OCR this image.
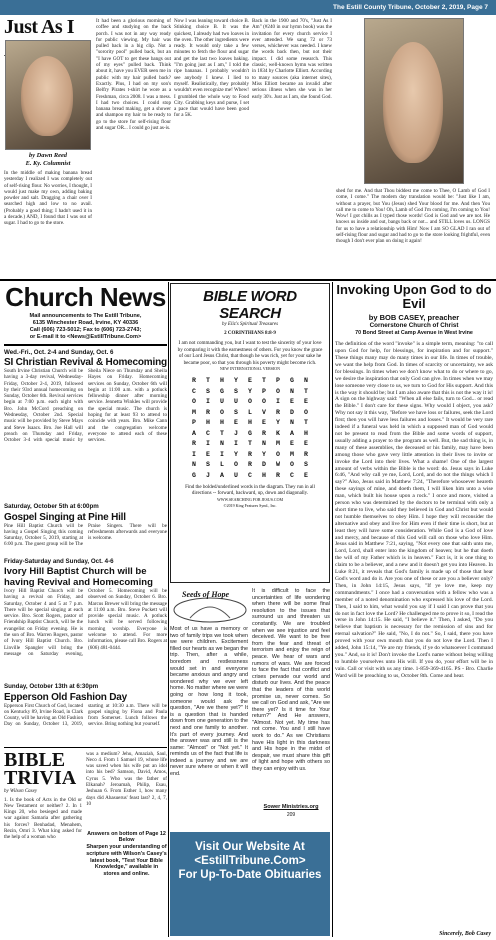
The Estill County Tribune, October 2, 2019, Page 7
Just As I
by Dawn Reed
E. Ky. Columnist
In the middle of making banana bread yesterday I realized I was completely out of self-rising flour. No worries, I thought, I would just make my own, adding baking powder and salt. Dragging a chair over I searched high and low to no avail. (Probably a good thing; I hadn't used it in a decade.) AND, I found that I was out of sugar. I had to go to the store.
It had been a glorious morning of coffee and studying on the back porch. I was not in any way ready for public viewing. My hair was pulled back in a big clip. Not a "sorority pool" pulled back, but an "I have GOT to get these bangs out of my eyes" pulled back. Think about it, have you EVER seen me in public with my hair pulled back? Exactly. Plus, I had on my son's Belfry Pirates t-shirt he wore as a Freshman, circa 2008. I was a mess. I had two choices. I could stop banana bread making, get a shower and shampoo my hair to be ready to go to the store for self-rising flour and sugar OR... I could go just as-is.
Now I was leaning toward choice B. Stinking choice B. It was the quickest, I already had two loaves in the oven. The other ingredients were ready. It would only take a few minutes to fetch the flour and sugar and get the last two loaves baking. "I'm going just as I am," I told the ripe bananas. I probably wouldn't see anybody I knew. I lied to myself. Realistically, they probably wouldn't even recognize me! Whew! I grumbled the whole way to Food City. Grabbing keys and purse, I set a pace that would have been good for a 5K.
Back in the 1900 and 70's, "Just As I Am" (#240 in our hymn book) was the invitation for every church service I ever attended. We sang 72 or 73 verses, whichever was needed. I knew the words back then, but not their impact. I did some research. This classic, well-known hymn was written in 1834 by Charlotte Elliott. According to many sources (aka internet sites), Miss Elliott became an invalid after serious illness when she was in her early 30's. Just as I am, she found God.
shed for me. And that Thou biddest me come to Thee, O Lamb of God I come, I come." The modern day translation would be: "Just like I am, without a prayer, but You (Jesus) shed Your blood for me. And then You call me to come to You! Oh, Lamb of God I'm coming, I'm coming to You! Wow! I got chills as I typed those words! God is God and we are not. He knows us inside and out, bangs back or not... and STILL loves us. LONGS for us to have a relationship with Him! Now I am SO GLAD I ran out of self-rising flour and sugar and had to go to the store looking frightful, even though I don't ever plan on doing it again!
Church News
Mail announcements to The Estill Tribune,
6135 Winchester Road, Irvine, KY 40336
Call (606) 723-5012; Fax to (606) 723-2743;
or E-mail it to <News@EstillTribune.Com>
Wed.-Fri., Oct. 2-4 and Sunday, Oct. 6
SI Christian Revival & Homecoming
South Irvine Christian Church will be having a 3-day revival, Wednesday-Friday, October 2-4, 2019, followed by their 93rd annual homecoming on Sunday, October 6th. Revival services begin at 7:00 p.m. each night with Bro. John McCord preaching on Wednesday, October 2nd. Special music will be provided by Steve Mays and Steve Isaacs. Bro. Joe Hall will preach on Thursday and Friday, October 3-4 with special music by Sheila Niece on Thursday and Sheila Hayes on Friday. Homecoming services on Sunday, October 6th will begin at 11:00 a.m. with a potluck fellowship dinner after morning service. Jennetta Winkles will provide the special music. The church is hoping for at least 93 to attend to coincide with years. Bro. Mike Cann and the congregation welcome everyone to attend each of these services.
Saturday, October 5th at 6:00pm
Gospel Singing at Pine Hill
Pine Hill Baptist Church will be having a Gospel Singing this coming Saturday, October 5, 2019, starting at 6:00 p.m. The guest group will be The Praise Singers. There will be refreshments afterwards and everyone is welcome.
Friday-Saturday and Sunday, Oct. 4-6
Ivory Hill Baptist Church will be having Revival and Homecoming
Ivory Hill Baptist Church will be having a revival on Friday, and Saturday, October 4 and 5 at 7 p.m. There will be special singing at each service. Bro. Scott Rogers, pastor of Friendship Baptist Church, will be the evangelist on Friday evening. He is the son of Bro. Warren Rogers, pastor of Ivory Hill Baptist Church. Bro. Linville Spangler will bring the message on Saturday evening, October 5. Homecoming will be observed on Sunday, October 6. Bro. Marcus Brewer will bring the message at 11:00 a.m. Bro. Steve Puckett will provide special music. A potluck lunch will be served following morning worship. Everyone is welcome to attend. For more information, please call Bro. Rogers at (606) 481-0444.
Sunday, October 13th at 6:30pm
Epperson Old Fashion Day
Epperson First Church of God, located on Kentucky 89, Irvine Road, in Clark County, will be having an Old Fashion Day on Sunday, October 13, 2019, starting at 10:30 a.m. There will be gospel singing by Fiona and Paula from Somerset. Lunch follows the service. Bring nothing but yourself.
BIBLE TRIVIA
by Wilson Casey
1. Is the book of Acts in the Old or New Testament or neither? 2. In 1 Kings 20, who besieged and made war against Samaria after gathering his forces? Benhadad, Menahem, Rezin, Omri 3. What king asked for the help of a woman who
was a medium? Jehu, Amaziah, Saul, Neco 4. From 1 Samuel 19, whose life was saved when his wife put an idol into his bed? Samson, David, Amos, Cyrus 5. Who was the father of Elkanah? Jeroamah, Philip, Esau, Jeshuan 6. From Esther 1, how many days did Ahasuerus' feast last? 2, 4, 7, 10
Answers on bottom of Page 12 Below
Sharpen your understanding of scripture with Wilson's Casey's latest book, "Test Your Bible Knowledge," available in stores and online.
BIBLE WORD SEARCH
by Eliz's Spiritual Treasures
2 CORINTHIANS 8:8-9
I am not commanding you, but I want to test the sincerity of your love by comparing it with the earnestness of others. For you know the grace of our Lord Jesus Christ, that though he was rich, yet for your sake he became poor, so that you through his poverty might become rich.
NEW INTERNATIONAL VERSION
R	T	H	Y	E	T	P	G	N
C	S	G	S	Y	P	O	N	T
O	I	U	U	O	O	I	E	E
M	R	O	S	L	V	R	D	O
P	H	H	E	H	E	Y	N	T
A	C	T	J	G	R	K	A	H
R	I	N	I	T	N	M	E	E
I	E	I	Y	R	Y	O	M	R
N	S	L	O	R	D	W	O	S
G	J	A	U	C	H	R	C	E
Find the bolded/underlined words in the diagram. They run in all directions -- forward, backward, up, down and diagonally.
WWW.SEARCHING FOR JESUS.COM
©2019 King Features Synd., Inc.
Seeds of Hope
Most of us have a memory or two of family trips we took when we were children. Excitement filled our hearts as we began the trip. Then, after a while, boredom and restlessness would set in and everyone became anxious and angry and wondered why we ever left home. No matter where we were going or how long it took, someone would ask the question, "Are we there yet?" It is a question that is handed down from one generation to the next and one family to another. It's part of every journey. And the answer was and still is the same: "Almost" or "Not yet." It reminds us of the fact that life is indeed a journey and we are never sure where or when it will end.
It is difficult to face the uncertainties of life wondering when there will be some final resolution to the issues that surround us and threaten us constantly. We are troubled when we see injustice and feel deceived. We want to be free from the fear and threat of terrorism and enjoy the reign of peace. We hear of wars and rumors of wars. We are forced to face the fact that conflict and crises pervade our world and disturb our lives. And the peace that the leaders of this world promise us, never comes. So we call on God and ask, "Are we there yet? Is it time for Your return?" And He answers, "Almost. Not yet. My time has not come. You and I still have work to do." As we Christians have His light in this darkness and His hope in the midst of despair, we must share this gift of light and hope with others so they can enjoy with us.
Sower Ministries.org
209
Visit Our Website At
<EstillTribune.Com>
For Up-To-Date Obituaries
Invoking Upon God to do Evil
by BOB CASEY, preacher
Cornerstone Church of Christ
70 Bond Street at Camp Avenue in West Irvine
The definition of the word "invoke" is a simple term, meaning: "to call upon God for help, for blessings, for inspiration and for support." These things many may do many times in our life. In times of trouble, we want the help from God. In times of scarcity or uncertainty, we ask for blessings. In times when we don't know what to do or where to go, we desire the inspiration that only God can give. In times when we may lose someone very close to us, we turn to God for His support. And this is the way it should be; but I am also aware that this is not the way it is! A sign on the highway said: "When all else fails, turn to God... or read the Bible." I don't care for these signs. Why would I object, you ask? Why not say it this way, "Before we have loss or failures, seek the Lord first; then you will have less failures and losses." It would be very rare indeed if a funeral was held in which a supposed man of God would not be present to read from the Bible and some words of support, usually adding a prayer to the program as well. But, the sad thing is, in many of these assemblies, the deceased or his family, may have been among those who gave very little attention in their lives to invite or invoke the Lord into their lives. What a shame! One of the largest amount of verbs within the Bible is the word: do. Jesus says in Luke 6:46, "And why call ye me, Lord, Lord, and do not the things which I say?" Also, Jesus said in Matthew 7:24, "Therefore whosoever heareth these sayings of mine, and doeth them, I will liken him unto a wise man, which built his house upon a rock." I once and more, visited a person who was determined by the doctors to be terminal with only a short time to live, who said they believed in God and Christ but would not humble themselves to obey Him. I hope they will reconsider the alternative and obey and live for Him even if their time is short, but at least they will have some consideration. While God is a God of love and mercy, and because of this God will call on those who love Him. Jesus said in Matthew 7:21, saying, "Not every one that saith unto me, Lord, Lord, shall enter into the kingdom of heaven; but he that doeth the will of my Father which is in heaven." Fact is, it is one thing to claim to be a believer, and a new and it doesn't get you into Heaven. In Luke 8:21, it reveals that God's family is made up of those that hear God's word and do it. Are you one of these or are you a believer only? Then, in John 14:15, Jesus says, "If ye love me, keep my commandments." I once had a conversation with a fellow who was a member of a noted denomination who expressed his love of the Lord. Then, I said to him, what would you say if I said I can prove that you do not in fact love the Lord? He challenged me to prove it so, I read the verse in John 14:15. He said, "I believe it." Then, I asked, "Do you believe that baptism is necessary for the remission of sins and for eternal salvation?" He said, "No, I do not." So, I said, there you have proved with your own mouth that you do not love the Lord. Then I added, John 15:14, "Ye are my friends, if ye do whatsoever I command you." And, so it is! Don't invoke the Lord's name without being willing to humble yourselves unto His will. If you do, your effort will be in vain. Call or visit with us any time. 1-859-369-4165. PS - Bro. Charlie Ward will be preaching to us, October 8th. Come and hear.
Sincerely, Bob Casey
